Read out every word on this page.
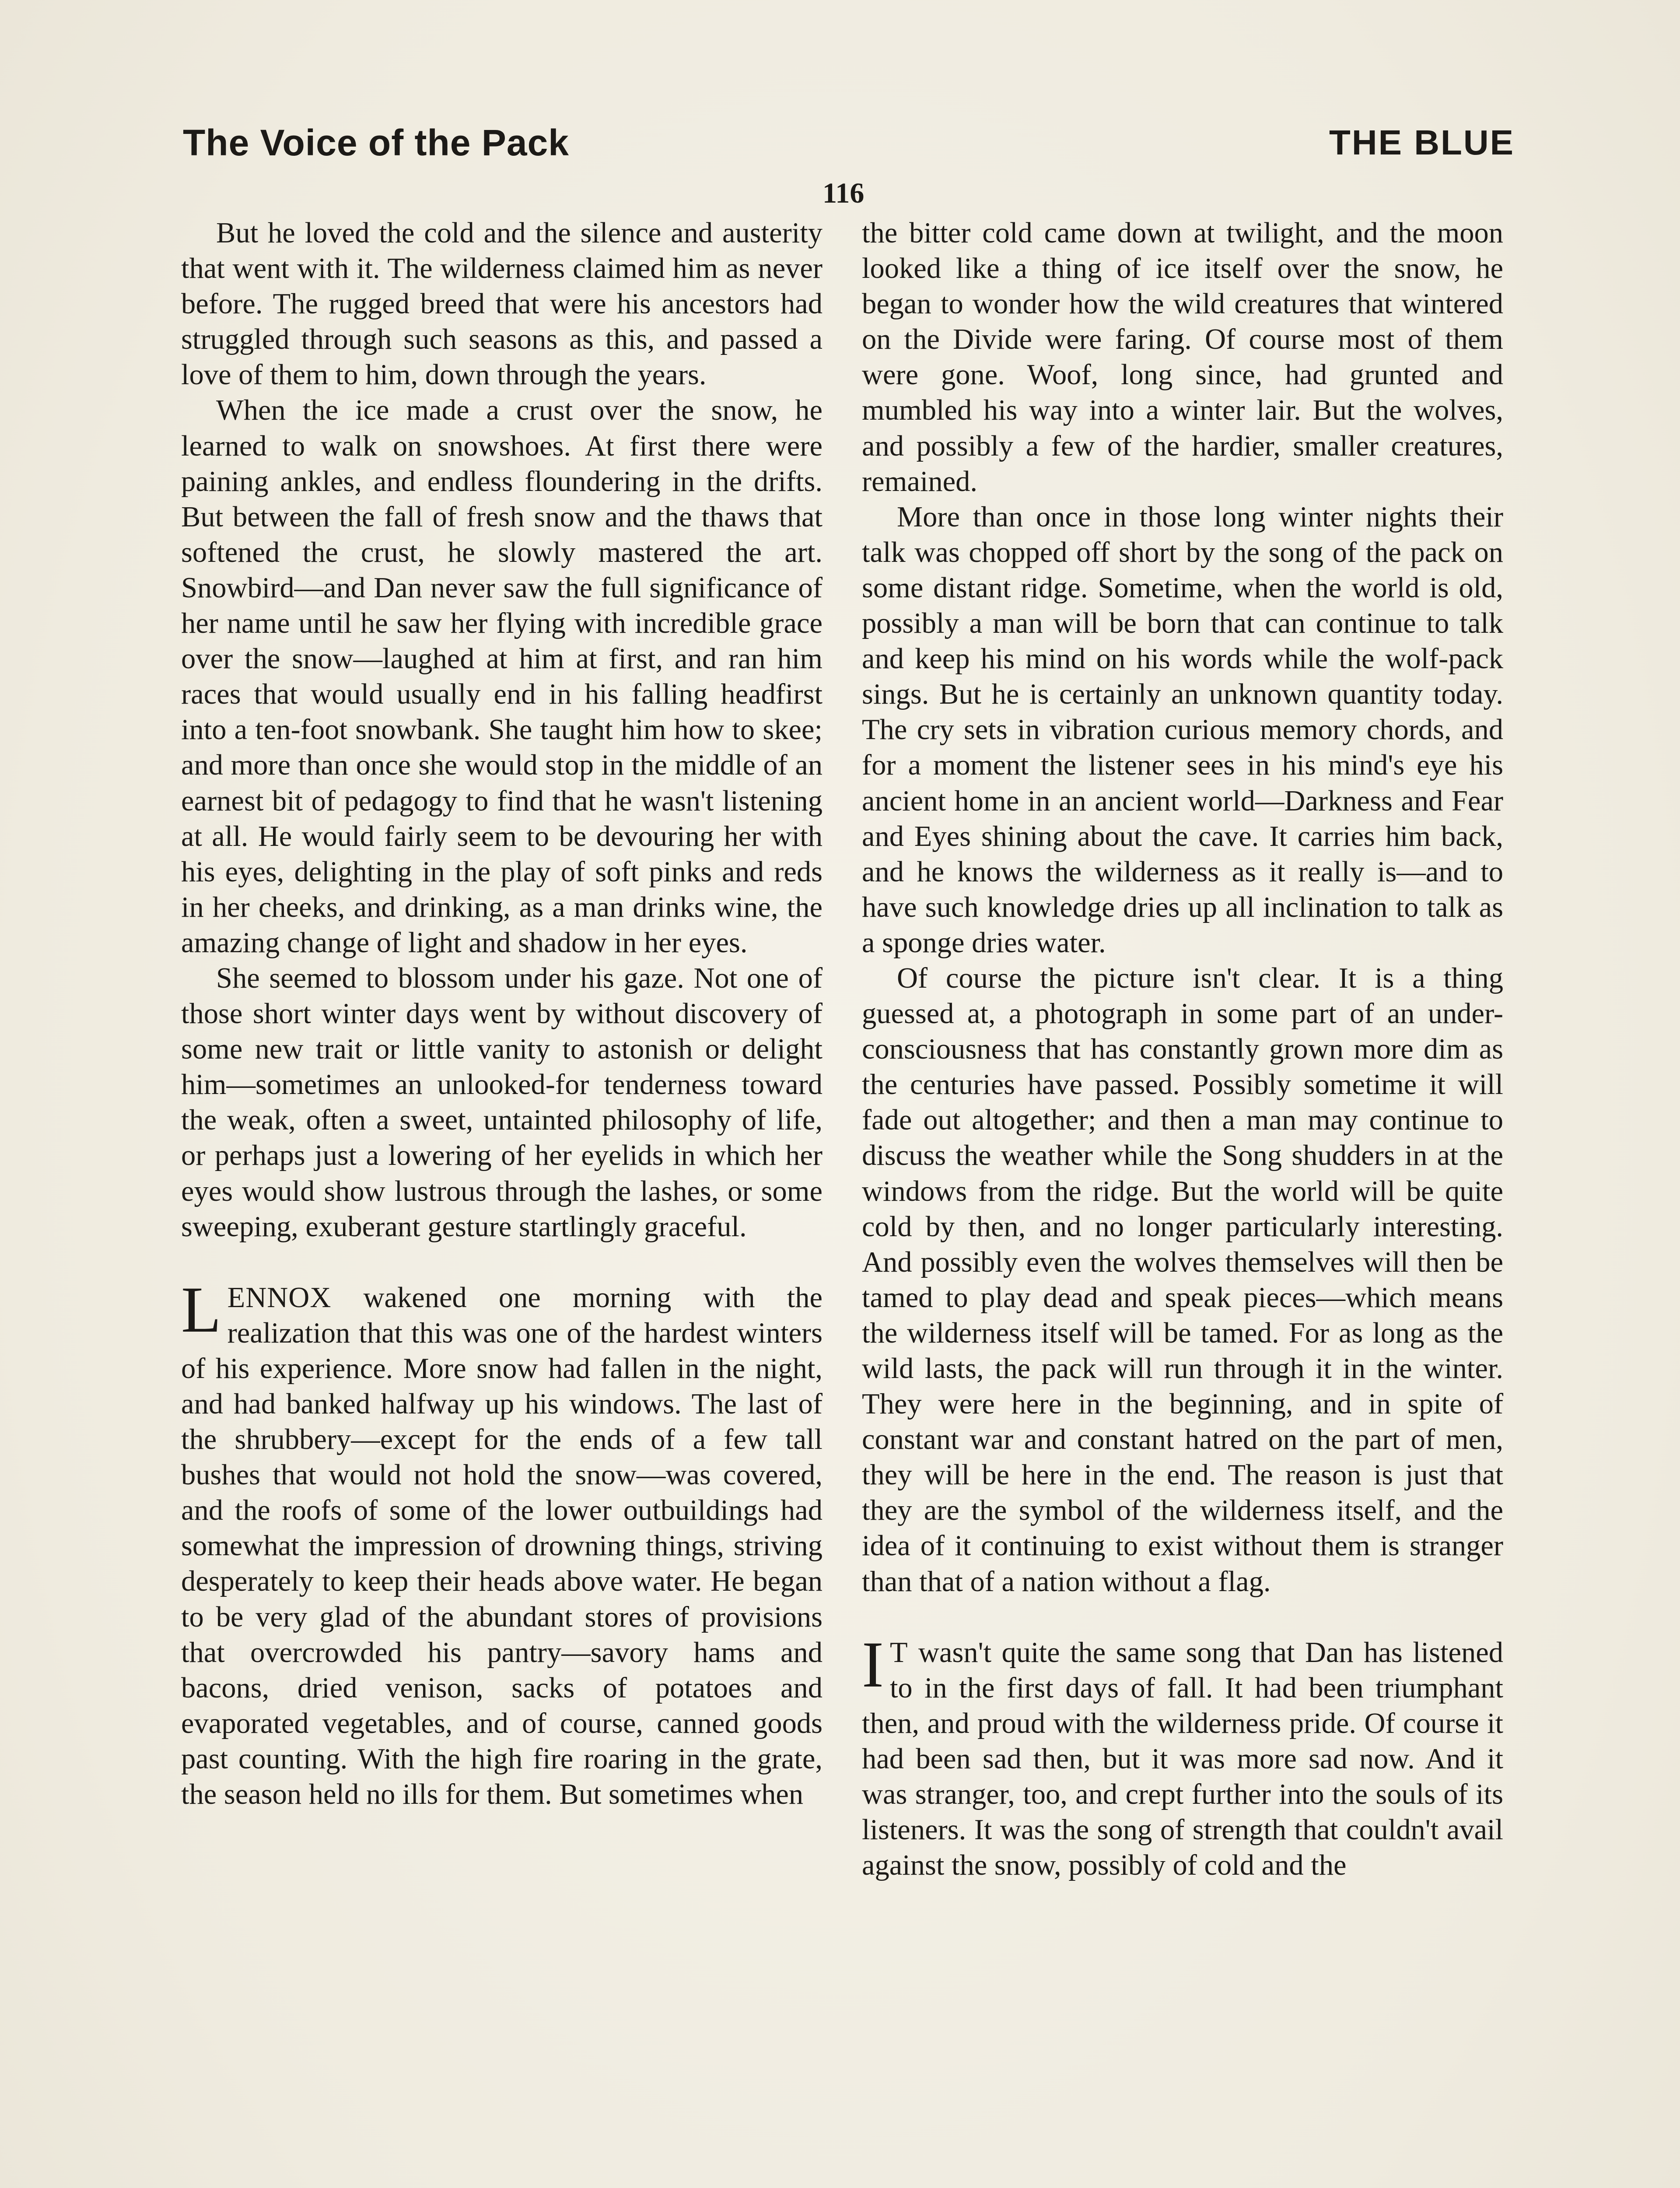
The Voice of the Pack	THE BLUE
116

But he loved the cold and the silence and austerity that went with it. The wilderness claimed him as never before. The rugged breed that were his ancestors had struggled through such seasons as this, and passed a love of them to him, down through the years.

When the ice made a crust over the snow, he learned to walk on snowshoes. At first there were paining ankles, and endless floundering in the drifts. But between the fall of fresh snow and the thaws that softened the crust, he slowly mastered the art. Snowbird—and Dan never saw the full significance of her name until he saw her flying with incredible grace over the snow—laughed at him at first, and ran him races that would usually end in his falling headfirst into a ten-foot snowbank. She taught him how to skee; and more than once she would stop in the middle of an earnest bit of pedagogy to find that he wasn't listening at all. He would fairly seem to be devouring her with his eyes, delighting in the play of soft pinks and reds in her cheeks, and drinking, as a man drinks wine, the amazing change of light and shadow in her eyes.

She seemed to blossom under his gaze. Not one of those short winter days went by without discovery of some new trait or little vanity to astonish or delight him—sometimes an unlooked-for tenderness toward the weak, often a sweet, untainted philosophy of life, or perhaps just a lowering of her eyelids in which her eyes would show lustrous through the lashes, or some sweeping, exuberant gesture startlingly graceful.

LENNOX wakened one morning with the realization that this was one of the hardest winters of his experience. More snow had fallen in the night, and had banked halfway up his windows. The last of the shrubbery—except for the ends of a few tall bushes that would not hold the snow—was covered, and the roofs of some of the lower outbuildings had somewhat the impression of drowning things, striving desperately to keep their heads above water. He began to be very glad of the abundant stores of provisions that overcrowded his pantry—savory hams and bacons, dried venison, sacks of potatoes and evaporated vegetables, and of course, canned goods past counting. With the high fire roaring in the grate, the season held no ills for them. But sometimes when

the bitter cold came down at twilight, and the moon looked like a thing of ice itself over the snow, he began to wonder how the wild creatures that wintered on the Divide were faring. Of course most of them were gone. Woof, long since, had grunted and mumbled his way into a winter lair. But the wolves, and possibly a few of the hardier, smaller creatures, remained.

More than once in those long winter nights their talk was chopped off short by the song of the pack on some distant ridge. Sometime, when the world is old, possibly a man will be born that can continue to talk and keep his mind on his words while the wolf-pack sings. But he is certainly an unknown quantity today. The cry sets in vibration curious memory chords, and for a moment the listener sees in his mind's eye his ancient home in an ancient world—Darkness and Fear and Eyes shining about the cave. It carries him back, and he knows the wilderness as it really is—and to have such knowledge dries up all inclination to talk as a sponge dries water.

Of course the picture isn't clear. It is a thing guessed at, a photograph in some part of an under-consciousness that has constantly grown more dim as the centuries have passed. Possibly sometime it will fade out altogether; and then a man may continue to discuss the weather while the Song shudders in at the windows from the ridge. But the world will be quite cold by then, and no longer particularly interesting. And possibly even the wolves themselves will then be tamed to play dead and speak pieces—which means the wilderness itself will be tamed. For as long as the wild lasts, the pack will run through it in the winter. They were here in the beginning, and in spite of constant war and constant hatred on the part of men, they will be here in the end. The reason is just that they are the symbol of the wilderness itself, and the idea of it continuing to exist without them is stranger than that of a nation without a flag.

I T wasn't quite the same song that Dan has listened to in the first days of fall. It had been triumphant then, and proud with the wilderness pride. Of course it had been sad then, but it was more sad now. And it was stranger, too, and crept further into the souls of its listeners. It was the song of strength that couldn't avail against the snow, possibly of cold and the
